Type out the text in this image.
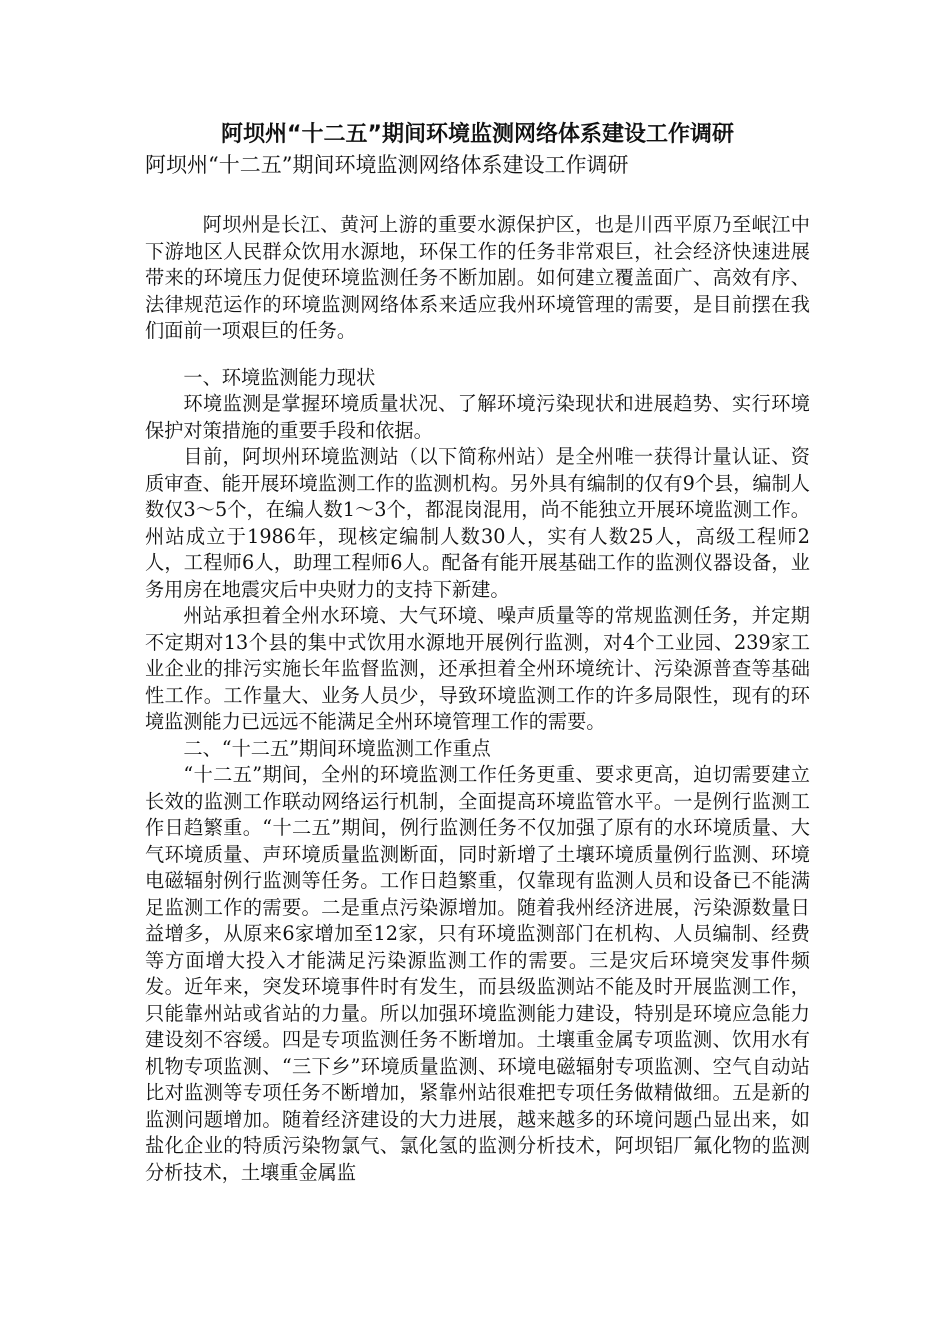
阿坝州“十二五”期间环境监测网络体系建设工作调研

阿坝州“十二五”期间环境监测网络体系建设工作调研

阿坝州是长江、黄河上游的重要水源保护区，也是川西平原乃至岷江中下游地区人民群众饮用水源地，环保工作的任务非常艰巨，社会经济快速进展带来的环境压力促使环境监测任务不断加剧。如何建立覆盖面广、高效有序、法律规范运作的环境监测网络体系来适应我州环境管理的需要，是目前摆在我们面前一项艰巨的任务。

一、环境监测能力现状

环境监测是掌握环境质量状况、了解环境污染现状和进展趋势、实行环境保护对策措施的重要手段和依据。

目前，阿坝州环境监测站（以下简称州站）是全州唯一获得计量认证、资质审查、能开展环境监测工作的监测机构。另外具有编制的仅有9个县，编制人数仅3～5个，在编人数1～3个，都混岗混用，尚不能独立开展环境监测工作。州站成立于1986年，现核定编制人数30人，实有人数25人，高级工程师2人，工程师6人，助理工程师6人。配备有能开展基础工作的监测仪器设备，业务用房在地震灾后中央财力的支持下新建。

州站承担着全州水环境、大气环境、噪声质量等的常规监测任务，并定期不定期对13个县的集中式饮用水源地开展例行监测，对4个工业园、239家工业企业的排污实施长年监督监测，还承担着全州环境统计、污染源普查等基础性工作。工作量大、业务人员少，导致环境监测工作的许多局限性，现有的环境监测能力已远远不能满足全州环境管理工作的需要。

二、“十二五”期间环境监测工作重点

“十二五”期间，全州的环境监测工作任务更重、要求更高，迫切需要建立长效的监测工作联动网络运行机制，全面提高环境监管水平。一是例行监测工作日趋繁重。“十二五”期间，例行监测任务不仅加强了原有的水环境质量、大气环境质量、声环境质量监测断面，同时新增了土壤环境质量例行监测、环境电磁辐射例行监测等任务。工作日趋繁重，仅靠现有监测人员和设备已不能满足监测工作的需要。二是重点污染源增加。随着我州经济进展，污染源数量日益增多，从原来6家增加至12家，只有环境监测部门在机构、人员编制、经费等方面增大投入才能满足污染源监测工作的需要。三是灾后环境突发事件频发。近年来，突发环境事件时有发生，而县级监测站不能及时开展监测工作，只能靠州站或省站的力量。所以加强环境监测能力建设，特别是环境应急能力建设刻不容缓。四是专项监测任务不断增加。土壤重金属专项监测、饮用水有机物专项监测、“三下乡”环境质量监测、环境电磁辐射专项监测、空气自动站比对监测等专项任务不断增加，紧靠州站很难把专项任务做精做细。五是新的监测问题增加。随着经济建设的大力进展，越来越多的环境问题凸显出来，如盐化企业的特质污染物氯气、氯化氢的监测分析技术，阿坝铝厂氟化物的监测分析技术，土壤重金属监
